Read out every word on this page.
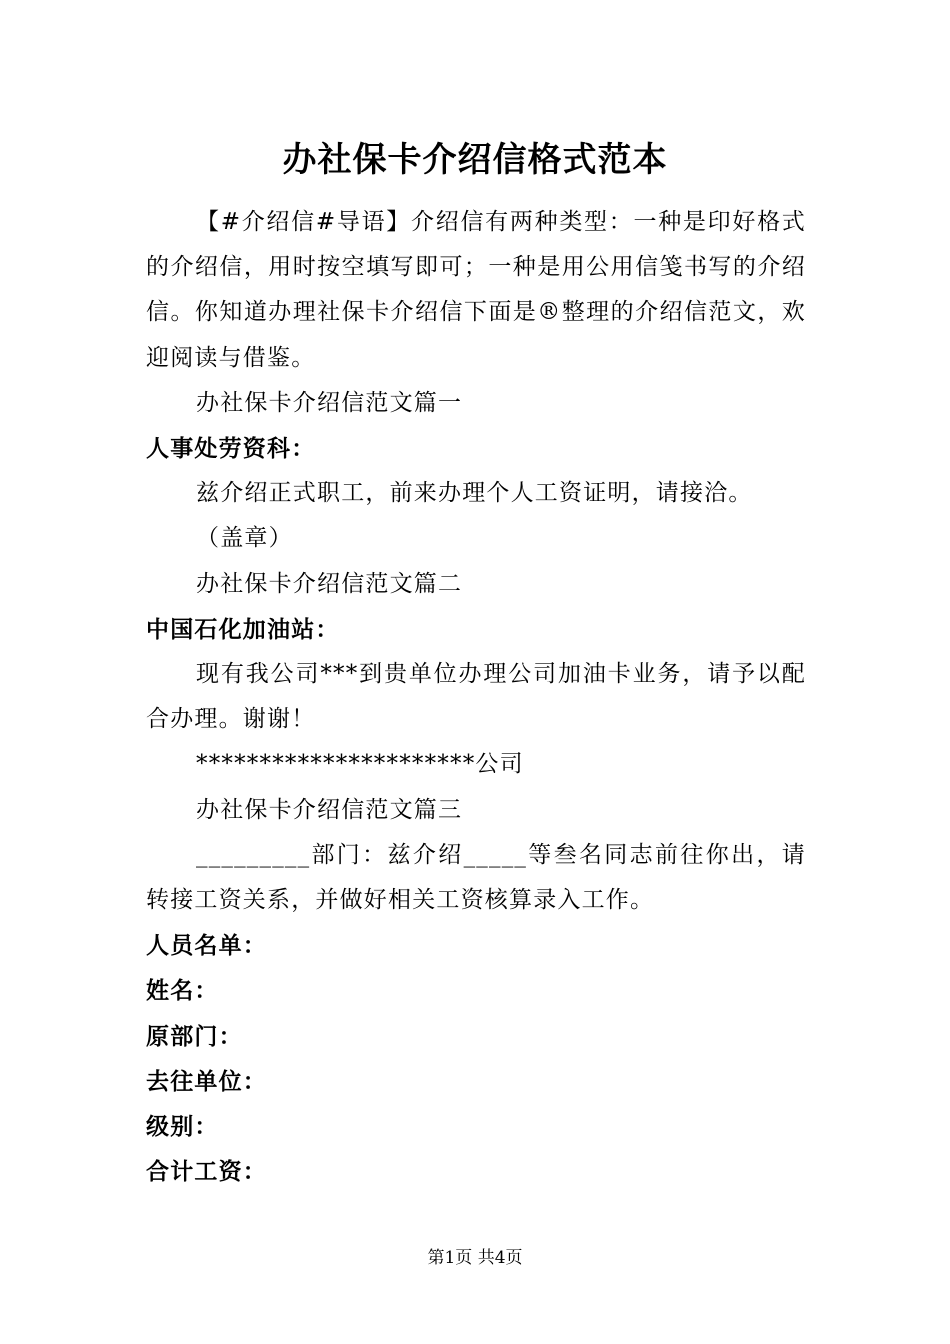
办社保卡介绍信格式范本

【#介绍信#导语】介绍信有两种类型：一种是印好格式的介绍信，用时按空填写即可；一种是用公用信笺书写的介绍信。你知道办理社保卡介绍信下面是®整理的介绍信范文，欢迎阅读与借鉴。

办社保卡介绍信范文篇一

人事处劳资科：

兹介绍正式职工，前来办理个人工资证明，请接洽。

（盖章）

办社保卡介绍信范文篇二

中国石化加油站：

现有我公司***到贵单位办理公司加油卡业务，请予以配合办理。谢谢！

**********************公司

办社保卡介绍信范文篇三

_________部门：兹介绍_____等叁名同志前往你出，请转接工资关系，并做好相关工资核算录入工作。

人员名单：

姓名：

原部门：

去往单位：

级别：

合计工资：

第1页 共4页
